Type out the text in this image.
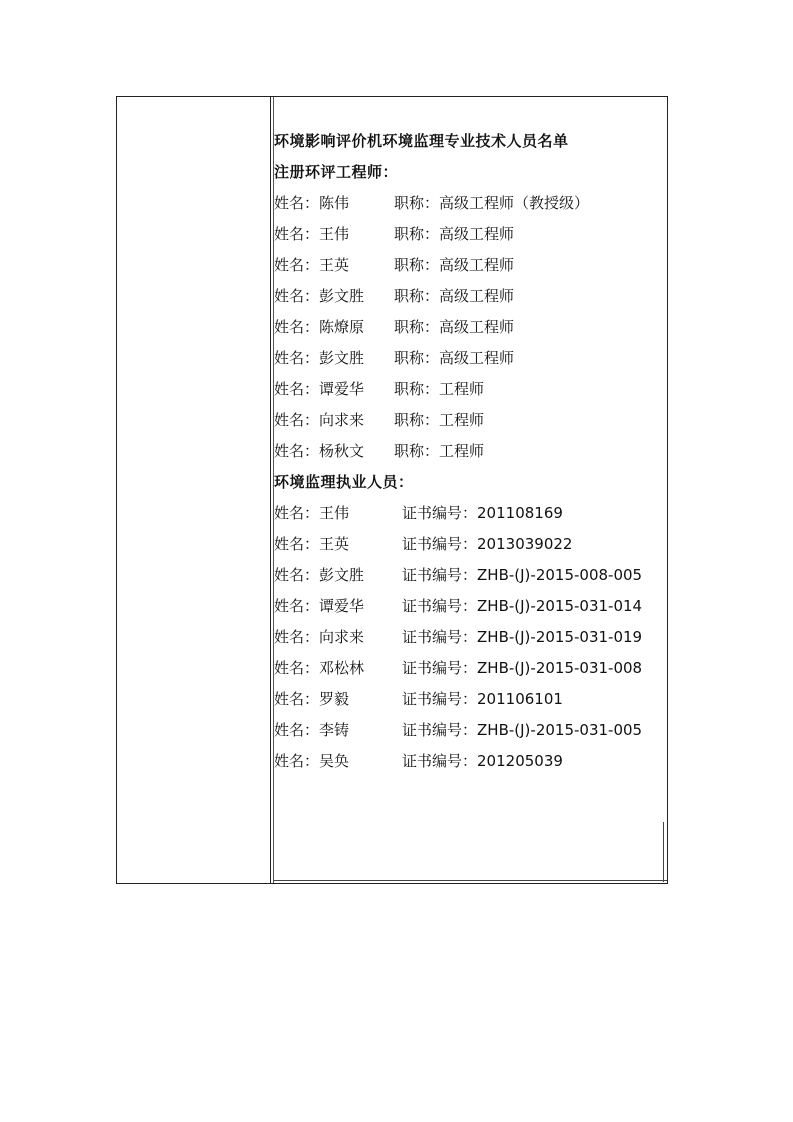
环境影响评价机环境监理专业技术人员名单
注册环评工程师：
姓名：陈伟	职称：高级工程师（教授级）
姓名：王伟	职称：高级工程师
姓名：王英	职称：高级工程师
姓名：彭文胜	职称：高级工程师
姓名：陈燎原	职称：高级工程师
姓名：彭文胜	职称：高级工程师
姓名：谭爱华	职称：工程师
姓名：向求来	职称：工程师
姓名：杨秋文	职称：工程师
环境监理执业人员：
姓名：王伟	证书编号：201108169
姓名：王英	证书编号：2013039022
姓名：彭文胜	证书编号：ZHB-(J)-2015-008-005
姓名：谭爱华	证书编号：ZHB-(J)-2015-031-014
姓名：向求来	证书编号：ZHB-(J)-2015-031-019
姓名：邓松林	证书编号：ZHB-(J)-2015-031-008
姓名：罗毅	证书编号：201106101
姓名：李铸	证书编号：ZHB-(J)-2015-031-005
姓名：吴奂	证书编号：201205039
